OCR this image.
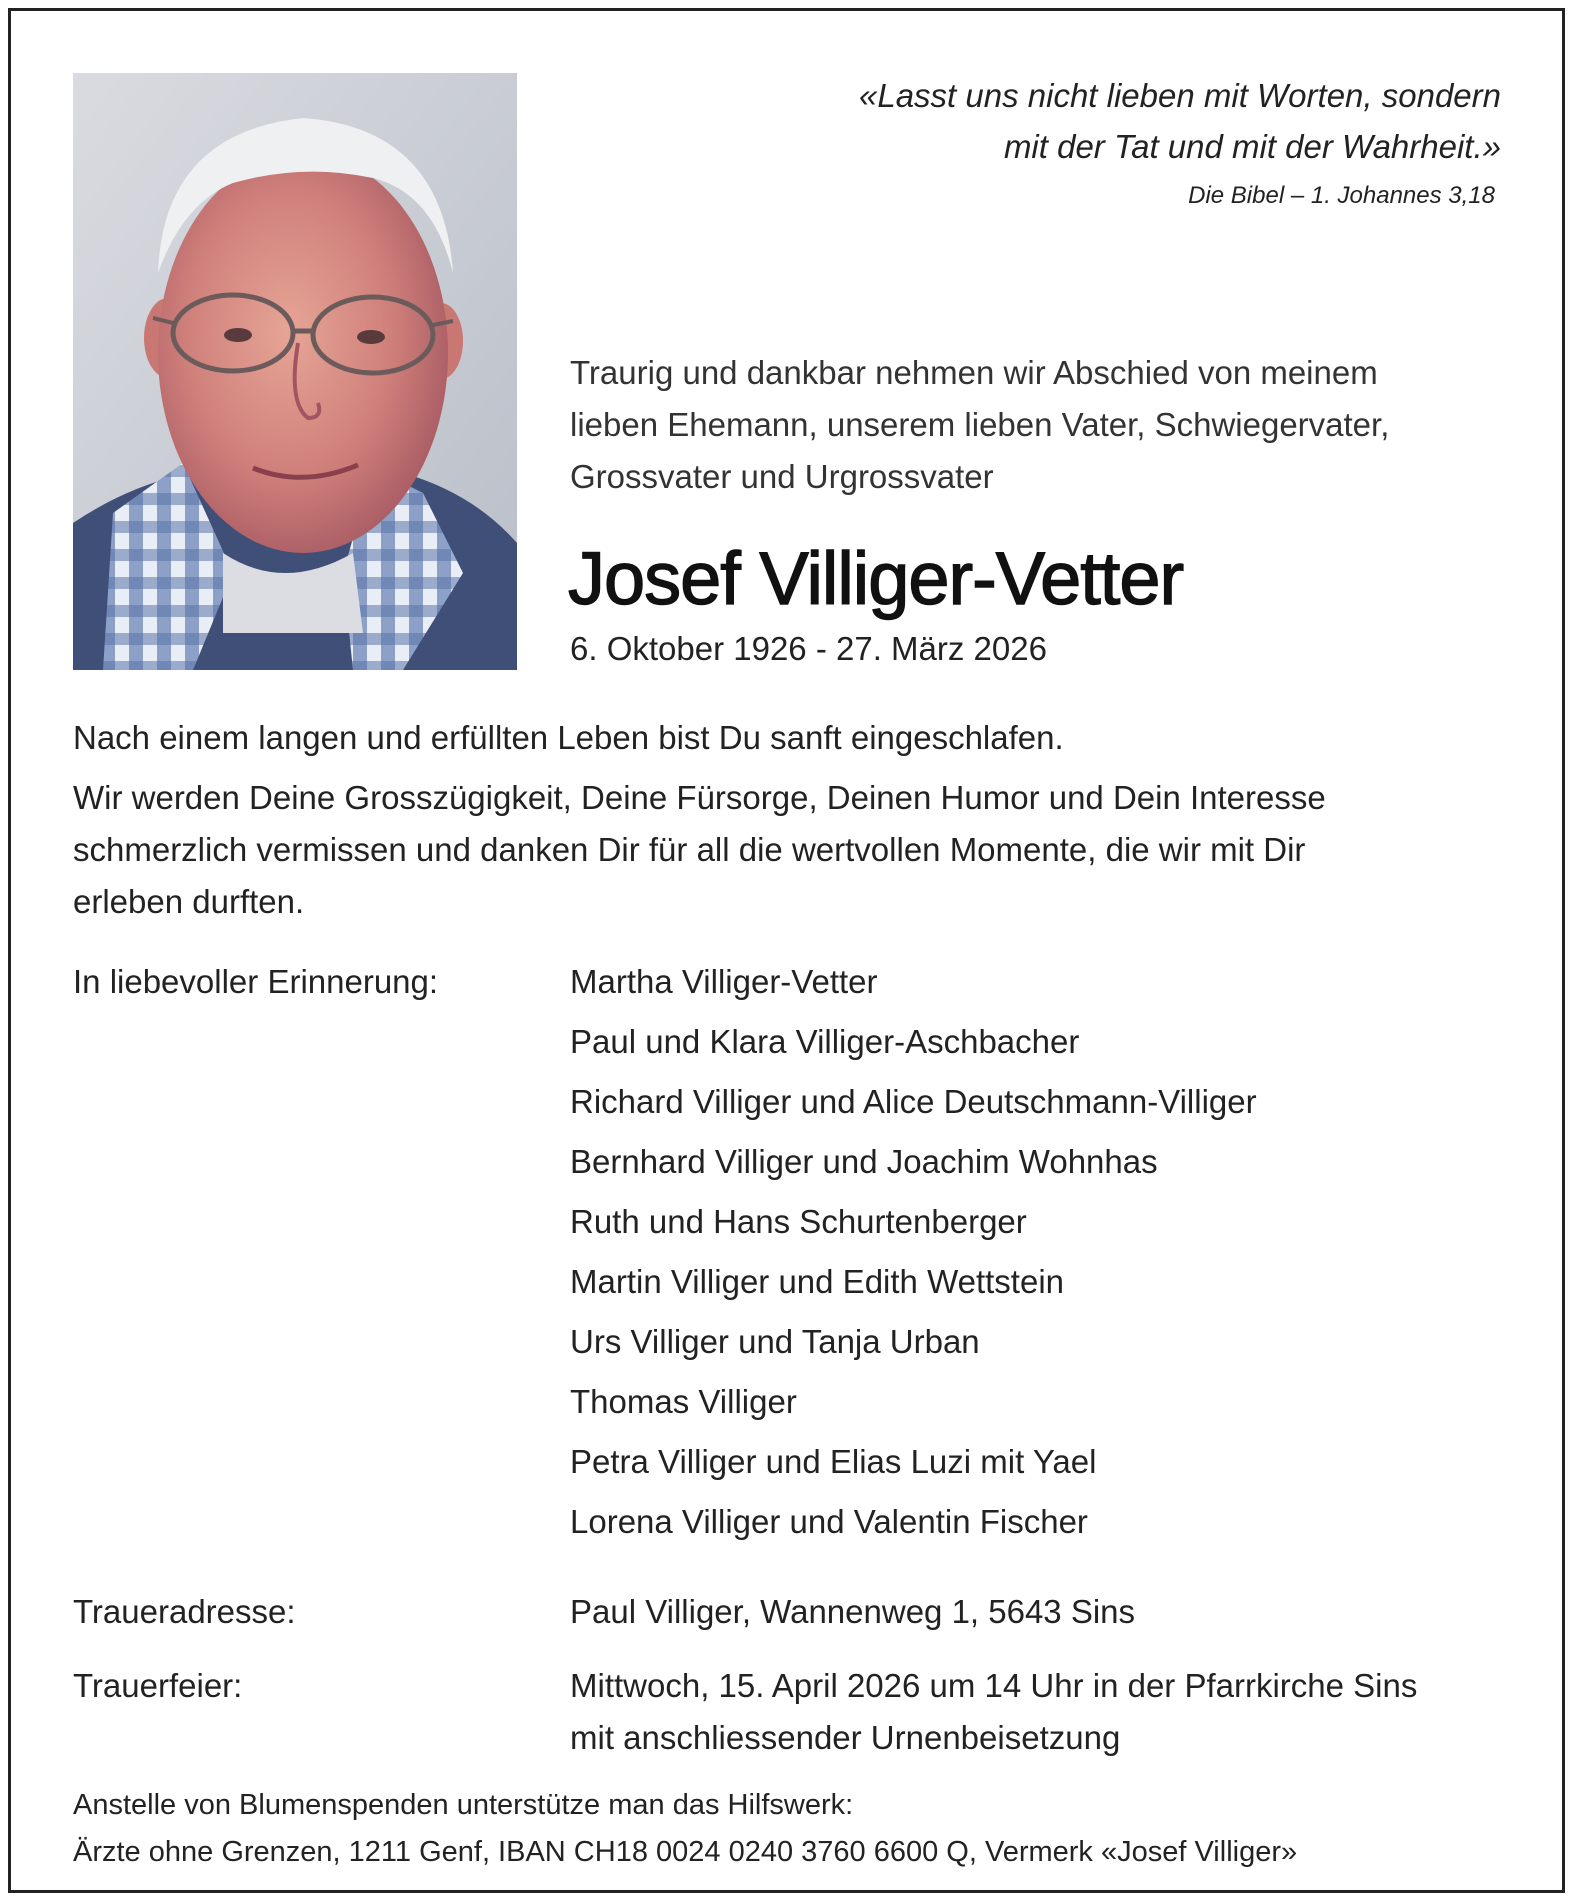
«Lasst uns nicht lieben mit Worten, sondern
mit der Tat und mit der Wahrheit.»
Die Bibel – 1. Johannes 3,18
Traurig und dankbar nehmen wir Abschied von meinem
lieben Ehemann, unserem lieben Vater, Schwiegervater,
Grossvater und Urgrossvater
Josef Villiger-Vetter
6. Oktober 1926 - 27. März 2026
Nach einem langen und erfüllten Leben bist Du sanft eingeschlafen.
Wir werden Deine Grosszügigkeit, Deine Fürsorge, Deinen Humor und Dein Interesse
schmerzlich vermissen und danken Dir für all die wertvollen Momente, die wir mit Dir
erleben durften.
In liebevoller Erinnerung:	Martha Villiger-Vetter
Paul und Klara Villiger-Aschbacher
Richard Villiger und Alice Deutschmann-Villiger
Bernhard Villiger und Joachim Wohnhas
Ruth und Hans Schurtenberger
Martin Villiger und Edith Wettstein
Urs Villiger und Tanja Urban
Thomas Villiger
Petra Villiger und Elias Luzi mit Yael
Lorena Villiger und Valentin Fischer
Traueradresse:	Paul Villiger, Wannenweg 1, 5643 Sins
Trauerfeier:	Mittwoch, 15. April 2026 um 14 Uhr in der Pfarrkirche Sins
mit anschliessender Urnenbeisetzung
Anstelle von Blumenspenden unterstütze man das Hilfswerk:
Ärzte ohne Grenzen, 1211 Genf, IBAN CH18 0024 0240 3760 6600 Q, Vermerk «Josef Villiger»
